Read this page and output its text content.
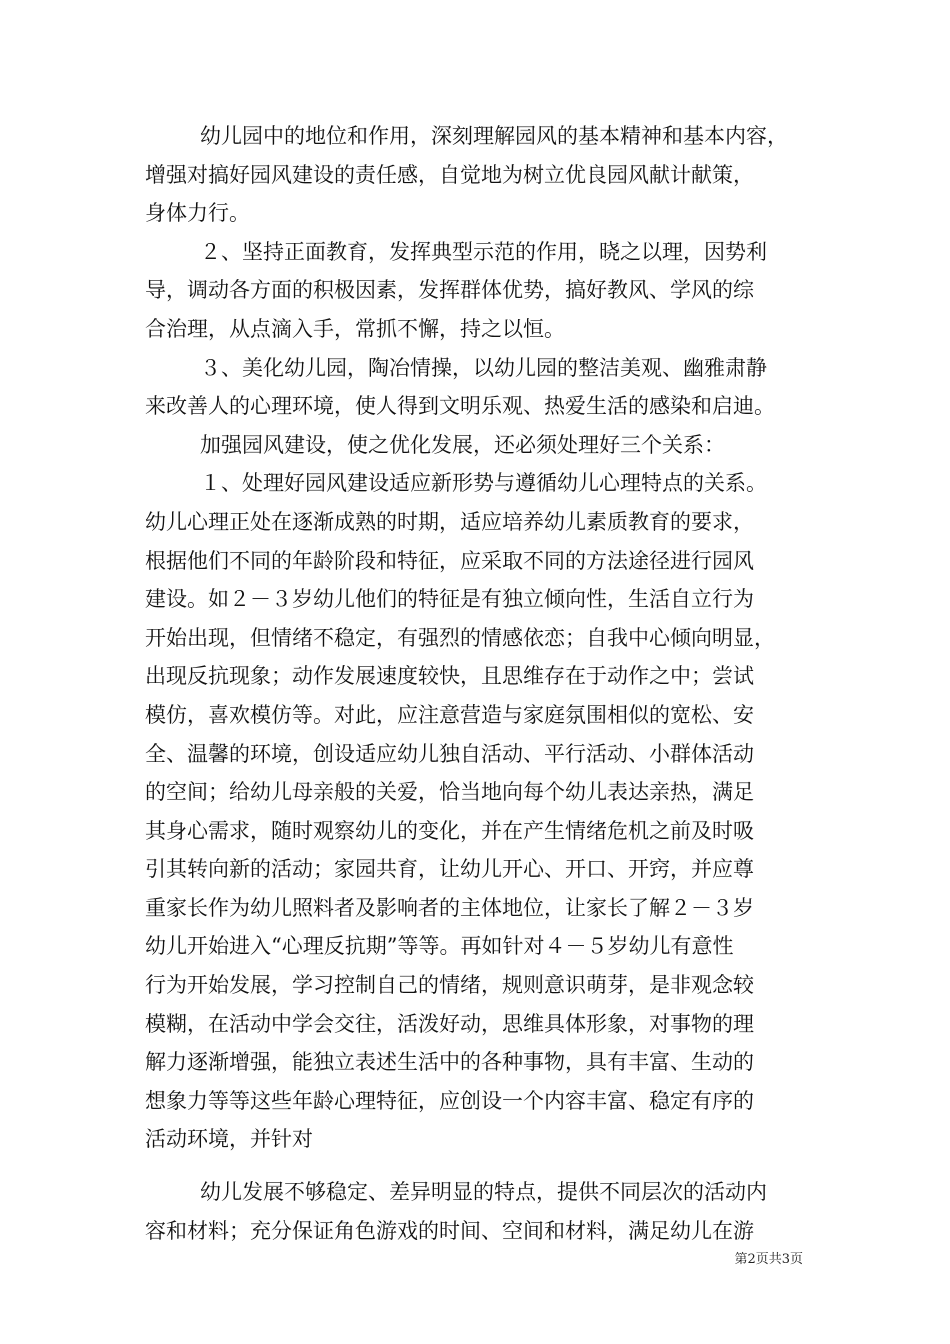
幼儿园中的地位和作用，深刻理解园风的基本精神和基本内容，
增强对搞好园风建设的责任感，自觉地为树立优良园风献计献策，
身体力行。
２、坚持正面教育，发挥典型示范的作用，晓之以理，因势利
导，调动各方面的积极因素，发挥群体优势，搞好教风、学风的综
合治理，从点滴入手，常抓不懈，持之以恒。
３、美化幼儿园，陶冶情操，以幼儿园的整洁美观、幽雅肃静
来改善人的心理环境，使人得到文明乐观、热爱生活的感染和启迪。
加强园风建设，使之优化发展，还必须处理好三个关系：
１、处理好园风建设适应新形势与遵循幼儿心理特点的关系。
幼儿心理正处在逐渐成熟的时期，适应培养幼儿素质教育的要求，
根据他们不同的年龄阶段和特征，应采取不同的方法途径进行园风
建设。如２－３岁幼儿他们的特征是有独立倾向性，生活自立行为
开始出现，但情绪不稳定，有强烈的情感依恋；自我中心倾向明显，
出现反抗现象；动作发展速度较快，且思维存在于动作之中；尝试
模仿，喜欢模仿等。对此，应注意营造与家庭氛围相似的宽松、安
全、温馨的环境，创设适应幼儿独自活动、平行活动、小群体活动
的空间；给幼儿母亲般的关爱，恰当地向每个幼儿表达亲热，满足
其身心需求，随时观察幼儿的变化，并在产生情绪危机之前及时吸
引其转向新的活动；家园共育，让幼儿开心、开口、开窍，并应尊
重家长作为幼儿照料者及影响者的主体地位，让家长了解２－３岁
幼儿开始进入“心理反抗期”等等。再如针对４－５岁幼儿有意性
行为开始发展，学习控制自己的情绪，规则意识萌芽，是非观念较
模糊，在活动中学会交往，活泼好动，思维具体形象，对事物的理
解力逐渐增强，能独立表述生活中的各种事物，具有丰富、生动的
想象力等等这些年龄心理特征，应创设一个内容丰富、稳定有序的
活动环境，并针对
幼儿发展不够稳定、差异明显的特点，提供不同层次的活动内
容和材料；充分保证角色游戏的时间、空间和材料，满足幼儿在游
第2页共3页
